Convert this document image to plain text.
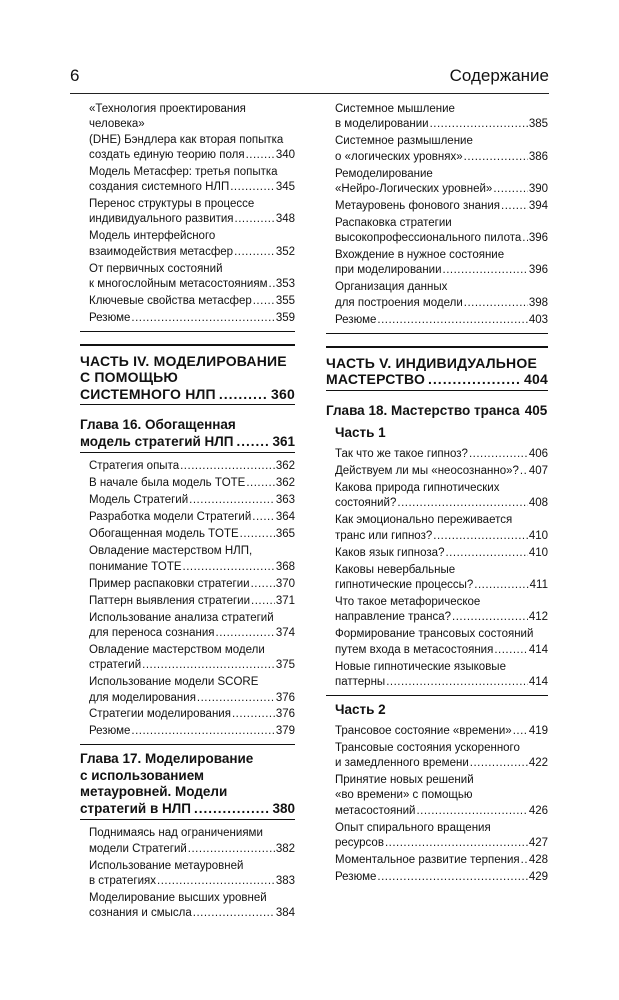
6	Содержание
«Технология проектирования человека»
(DHE) Бэндлера как вторая попытка
создать единую теорию поля .....	340
Модель Метасфер: третья попытка
создания системного НЛП .....	345
Перенос структуры в процессе
индивидуального развития .....	348
Модель интерфейсного
взаимодействия метасфер .....	352
От первичных состояний
к многослойным метасостояниям ..... 353
Ключевые свойства метасфер ..... 355
Резюме .....	359
ЧАСТЬ IV. МОДЕЛИРОВАНИЕ
С ПОМОЩЬЮ
СИСТЕМНОГО НЛП .....	360
Глава 16. Обогащенная
модель стратегий НЛП .....	361
Стратегия опыта .....	362
В начале была модель TOTE .....	362
Модель Стратегий .....	363
Разработка модели Стратегий ..... 364
Обогащенная модель TOTE .....	365
Овладение мастерством НЛП,
понимание TOTE .....	368
Пример распаковки стратегии ..... 370
Паттерн выявления стратегии ..... 371
Использование анализа стратегий
для переноса сознания .....	374
Овладение мастерством модели
стратегий .....	375
Использование модели SCORE
для моделирования .....	376
Стратегии моделирования .....	376
Резюме .....	379
Глава 17. Моделирование
с использованием
метауровней. Модели
стратегий в НЛП .....	380
Поднимаясь над ограничениями
модели Стратегий .....	382
Использование метауровней
в стратегиях .....	383
Моделирование высших уровней
сознания и смысла .....	384
Системное мышление
в моделировании .....	385
Системное размышление
о «логических уровнях» .....	386
Ремоделирование
«Нейро-Логических уровней» .....	390
Метауровень фонового знания .....	394
Распаковка стратегии
высокопрофессионального пилота ..... 396
Вхождение в нужное состояние
при моделировании .....	396
Организация данных
для построения модели .....	398
Резюме .....	403
ЧАСТЬ V. ИНДИВИДУАЛЬНОЕ
МАСТЕРСТВО .....	404
Глава 18. Мастерство транса 405
Часть 1
Так что же такое гипноз? .....	406
Действуем ли мы «неосознанно»? ..... 407
Какова природа гипнотических
состояний? .....	408
Как эмоционально переживается
транс или гипноз? .....	410
Каков язык гипноза? .....	410
Каковы невербальные
гипнотические процессы? .....	411
Что такое метафорическое
направление транса? .....	412
Формирование трансовых состояний
путем входа в метасостояния .....	414
Новые гипнотические языковые
паттерны .....	414
Часть 2
Трансовое состояние «времени» ..... 419
Трансовые состояния ускоренного
и замедленного времени .....	422
Принятие новых решений
«во времени» с помощью
метасостояний .....	426
Опыт спирального вращения
ресурсов .....	427
Моментальное развитие терпения ..... 428
Резюме .....	429
